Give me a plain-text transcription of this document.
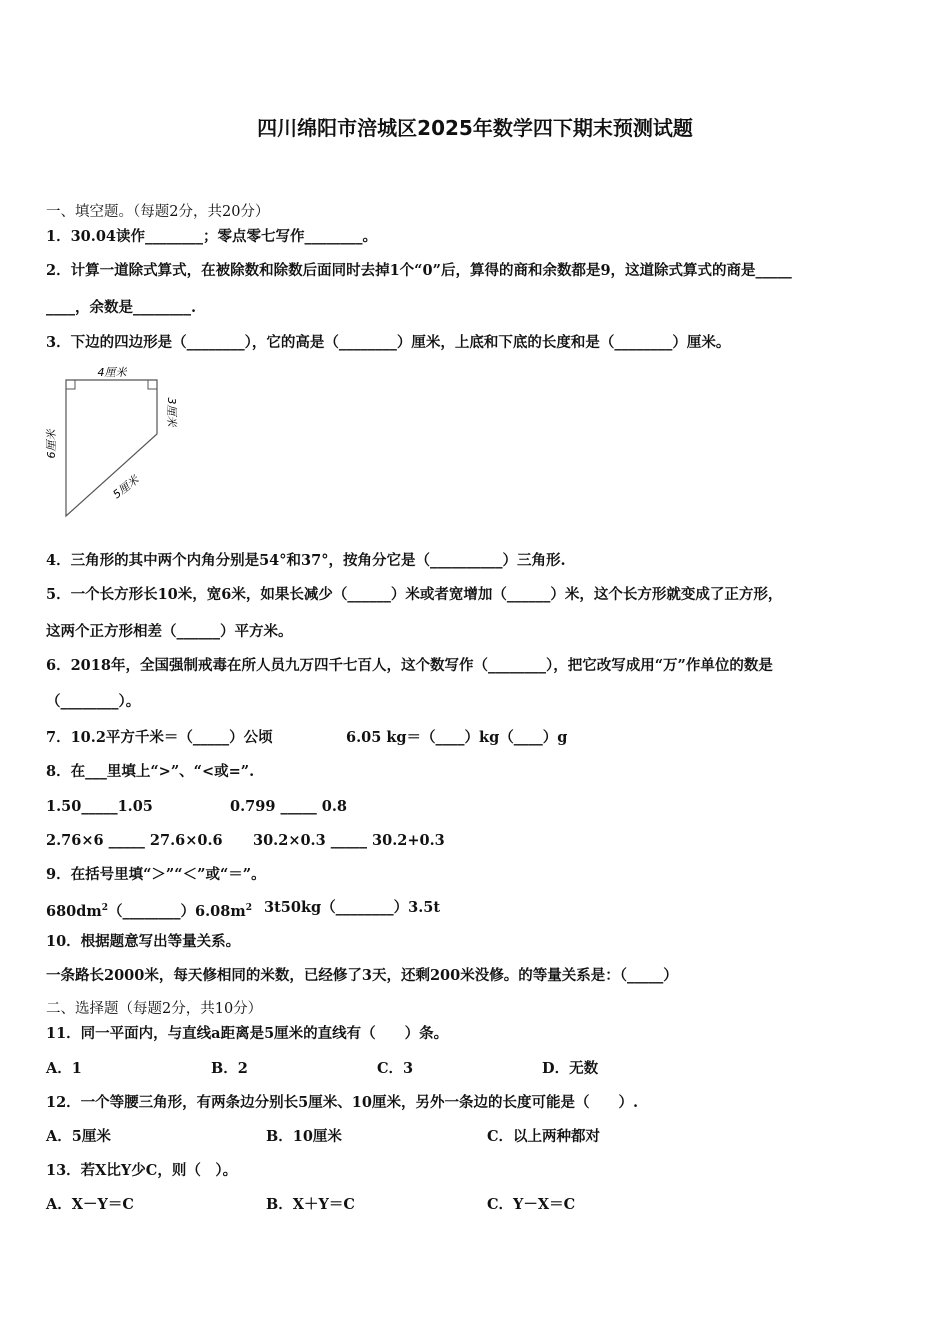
四川绵阳市涪城区2025年数学四下期末预测试题
一、填空题。（每题2分，共20分）
1．30.04读作________；零点零七写作________。
2．计算一道除式算式，在被除数和除数后面同时去掉1个“0”后，算得的商和余数都是9，这道除式算式的商是_____
____，余数是________.
3．下边的四边形是（________），它的高是（________）厘米，上底和下底的长度和是（________）厘米。
4厘米
3厘米
6厘米
5厘米
4．三角形的其中两个内角分别是54°和37°，按角分它是（__________）三角形.
5．一个长方形长10米，宽6米，如果长减少（______）米或者宽增加（______）米，这个长方形就变成了正方形，
这两个正方形相差（______）平方米。
6．2018年，全国强制戒毒在所人员九万四千七百人，这个数写作（________），把它改写成用“万”作单位的数是
（________）。
7．10.2平方千米＝（_____）公顷	6.05 kg＝（____）kg（____）g
8．在___里填上“>”、“<或=”.
1.50_____1.05	0.799 _____ 0.8
2.76×6 _____ 27.6×0.6 30.2×0.3 _____ 30.2+0.3
9．在括号里填“＞”“＜”或“＝”。
$680dm^2(\_\_\_\_\_\_\_\_)6.08m^2$ 3t50kg（________）3.5t
10．根据题意写出等量关系。
一条路长2000米，每天修相同的米数，已经修了3天，还剩200米没修。的等量关系是：（_____）
二、选择题（每题2分，共10分）
11．同一平面内，与直线a距离是5厘米的直线有（　　）条。
A．1	B．2	C．3	D．无数
12．一个等腰三角形，有两条边分别长5厘米、10厘米，另外一条边的长度可能是（　　）.
A．5厘米	B．10厘米	C．以上两种都对
13．若X比Y少C，则（　）。
A．X－Y＝C	B．X＋Y＝C	C．Y－X＝C
